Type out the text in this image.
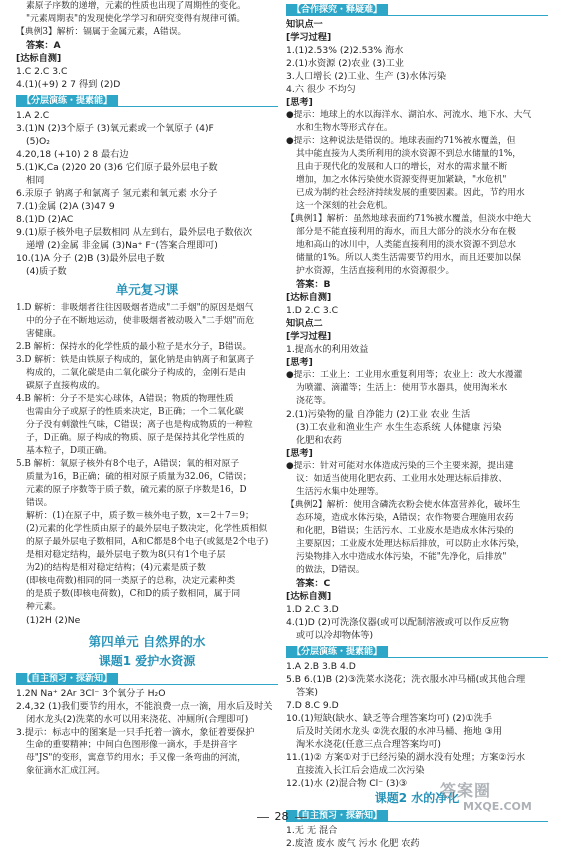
素原子序数的递增，元素的性质也出现了周期性的变化。
"元素周期表"的发现使化学学习和研究变得有规律可循。
【典例3】解析：镉属于金属元素，A错误。
答案：A
[达标自测]
1.C 2.C 3.C
4.(1)(+9) 2 7 得到 (2)D
【分层演练・提素能】
1.A 2.C
3.(1)N (2)3个原子 (3)氧元素或一个氧原子 (4)F
(5)O₂
4.20,18 (+10) 2 8 最右边
5.(1)K,Ca (2)20 20 (3)6 它们原子最外层电子数
相同
6.汞原子 钠离子和氯离子 氢元素和氧元素 水分子
7.(1)金属 (2)A (3)47 9
8.(1)D (2)AC
9.(1)原子核外电子层数相同 从左到右，最外层电子数依次
递增 (2)金属 非金属 (3)Na⁺ F⁻(答案合理即可)
10.(1)A 分子 (2)B (3)最外层电子数
(4)质子数
单元复习课
1.D 解析：非吸烟者往往因吸烟者造成"二手烟"的原因是烟气
中的分子在不断地运动，使非吸烟者被动吸入"二手烟"而危
害健康。
2.B 解析：保持水的化学性质的最小粒子是水分子，B错误。
3.D 解析：铁是由铁原子构成的，氯化钠是由钠离子和氯离子
构成的，二氧化碳是由二氧化碳分子构成的，金刚石是由
碳原子直接构成的。
4.B 解析：分子不是实心球体，A错误；物质的物理性质
也需由分子或原子的性质来决定，B正确；一个二氧化碳
分子没有刺激性气味，C错误；离子也是构成物质的一种粒
子，D正确。原子构成的物质、原子是保持其化学性质的
基本粒子，D项正确。
5.B 解析：氧原子核外有8个电子，A错误；氧的相对原子
质量为16，B正确；硫的相对原子质量为32.06，C错误；
元素的原子序数等于质子数，硫元素的原子序数是16，D
错误。
解析：(1)在原子中，质子数＝核外电子数，x＝2＋7＝9；
(2)元素的化学性质由原子的最外层电子数决定，化学性质相似
的原子最外层电子数相同，A和C都是8个电子(或氦是2个电子)
是相对稳定结构，最外层电子数为8(只有1个电子层
为2)的结构是相对稳定结构；(4)元素是质子数
(即核电荷数)相同的同一类原子的总称，决定元素种类
的是质子数(即核电荷数)，C和D的质子数相同，属于同
种元素。
(1)2H (2)Ne
第四单元 自然界的水
课题1 爱护水资源
【自主预习・探新知】
1.2N Na⁺ 2Ar 3Cl⁻ 3个氧分子 H₂O
2.4,32 (1)我们要节约用水，不能浪费一点一滴，用水后及时关
闭水龙头(2)洗菜的水可以用来浇花、冲厕所(合理即可)
3.提示：标志中的图案是一只手托着一滴水，象征着要保护
生命的重要精神；中间白色图形像一滴水，手是拼音字
母"JS"的变形，寓意节约用水；手又像一条弯曲的河流，
象征滴水汇成江河。
【合作探究・释疑难】
知识点一
[学习过程]
1.(1)2.53% (2)2.53% 海水
2.(1)水资源 (2)农业 (3)工业
3.人口增长 (2)工业、生产 (3)水体污染
4.六 很少 不均匀
[思考]
●提示：地球上的水以海洋水、湖泊水、河流水、地下水、大气
水和生物水等形式存在。
●提示：这种说法是错误的。地球表面约71%被水覆盖，但
其中能直接为人类所利用的淡水资源不到总水储量的1%，
且由于现代化的发展和人口的增长，对水的需求量不断
增加，加之水体污染使水资源变得更加紧缺，"水危机"
已成为制约社会经济持续发展的重要因素。因此，节约用水
这一个深刻的社会危机。
【典例1】解析：虽然地球表面约71%被水覆盖，但淡水中绝大
部分是不能直接利用的海水，而且大部分的淡水分布在极
地和高山的冰川中，人类能直接利用的淡水资源不到总水
储量的1%。所以人类生活需要节约用水，而且还要加以保
护水资源，生活直接利用的水资源很少。
答案：B
[达标自测]
1.D 2.C 3.C
知识点二
[学习过程]
1.提高水的利用效益
[思考]
●提示：工业上：工业用水重复利用等；农业上：改大水漫灌
为喷灌、滴灌等；生活上：使用节水器具，使用淘米水
浇花等。
2.(1)污染物的量 自净能力 (2)工业 农业 生活
(3)工农业和渔业生产 水生生态系统 人体健康 污染
化肥和农药
[思考]
●提示：针对可能对水体造成污染的三个主要来源，提出建
议：如适当使用化肥农药、工业用水处理达标后排放、
生活污水集中处理等。
【典例2】解析：使用含磷洗衣粉会使水体富营养化，破坏生
态环境，造成水体污染，A错误；农作物要合理施用农药
和化肥，B错误；生活污水、工业废水是造成水体污染的
主要原因；工业废水处理达标后排放，可以防止水体污染，
污染物排入水中造成水体污染，不能"先净化，后排放"
的做法，D错误。
答案：C
[达标自测]
1.D 2.C 3.D
4.(1)D (2)可洗涤仪器(或可以配制溶液或可以作反应物
或可以冷却物体等)
【分层演练・提素能】
1.A 2.B 3.B 4.D
5.B 6.(1)B (2)③洗菜水浇花；洗衣服水冲马桶(或其他合理
答案)
7.D 8.C 9.D
10.(1)短缺(缺水、缺乏等合理答案均可) (2)①洗手
后及时关闭水龙头 ②洗衣服的水冲马桶、拖地 ③用
淘米水浇花(任意三点合理答案均可)
11.(1)② 方案①对于已经污染的湖水没有处理；方案②污水
直接流入长江后会造成二次污染
12.(1)水 (2)混合物 Cl⁻ (3)③
课题2 水的净化
【自主预习・探新知】
1.无 无 混合
2.废渣 废水 废气 污水 化肥 农药
28
答案圈
MXQE.COM
